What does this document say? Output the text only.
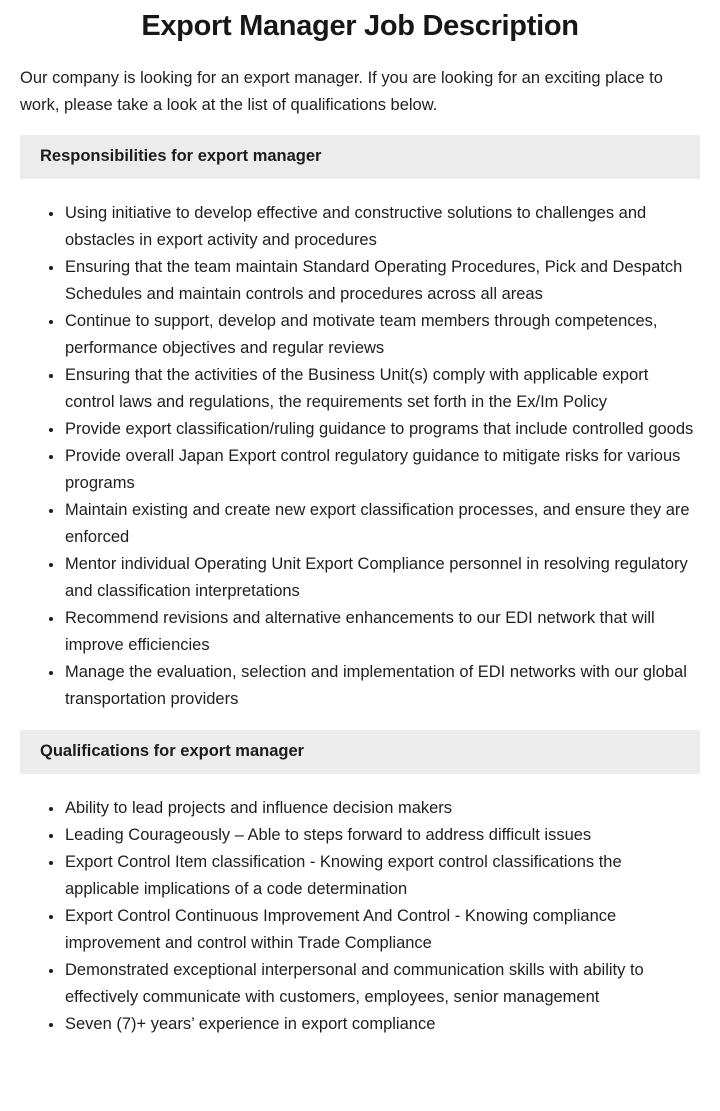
Export Manager Job Description

Our company is looking for an export manager. If you are looking for an exciting place to work, please take a look at the list of qualifications below.

Responsibilities for export manager
• Using initiative to develop effective and constructive solutions to challenges and obstacles in export activity and procedures
• Ensuring that the team maintain Standard Operating Procedures, Pick and Despatch Schedules and maintain controls and procedures across all areas
• Continue to support, develop and motivate team members through competences, performance objectives and regular reviews
• Ensuring that the activities of the Business Unit(s) comply with applicable export control laws and regulations, the requirements set forth in the Ex/Im Policy
• Provide export classification/ruling guidance to programs that include controlled goods
• Provide overall Japan Export control regulatory guidance to mitigate risks for various programs
• Maintain existing and create new export classification processes, and ensure they are enforced
• Mentor individual Operating Unit Export Compliance personnel in resolving regulatory and classification interpretations
• Recommend revisions and alternative enhancements to our EDI network that will improve efficiencies
• Manage the evaluation, selection and implementation of EDI networks with our global transportation providers
Qualifications for export manager
• Ability to lead projects and influence decision makers
• Leading Courageously – Able to steps forward to address difficult issues
• Export Control Item classification - Knowing export control classifications the applicable implications of a code determination
• Export Control Continuous Improvement And Control - Knowing compliance improvement and control within Trade Compliance
• Demonstrated exceptional interpersonal and communication skills with ability to effectively communicate with customers, employees, senior management
• Seven (7)+ years’ experience in export compliance
